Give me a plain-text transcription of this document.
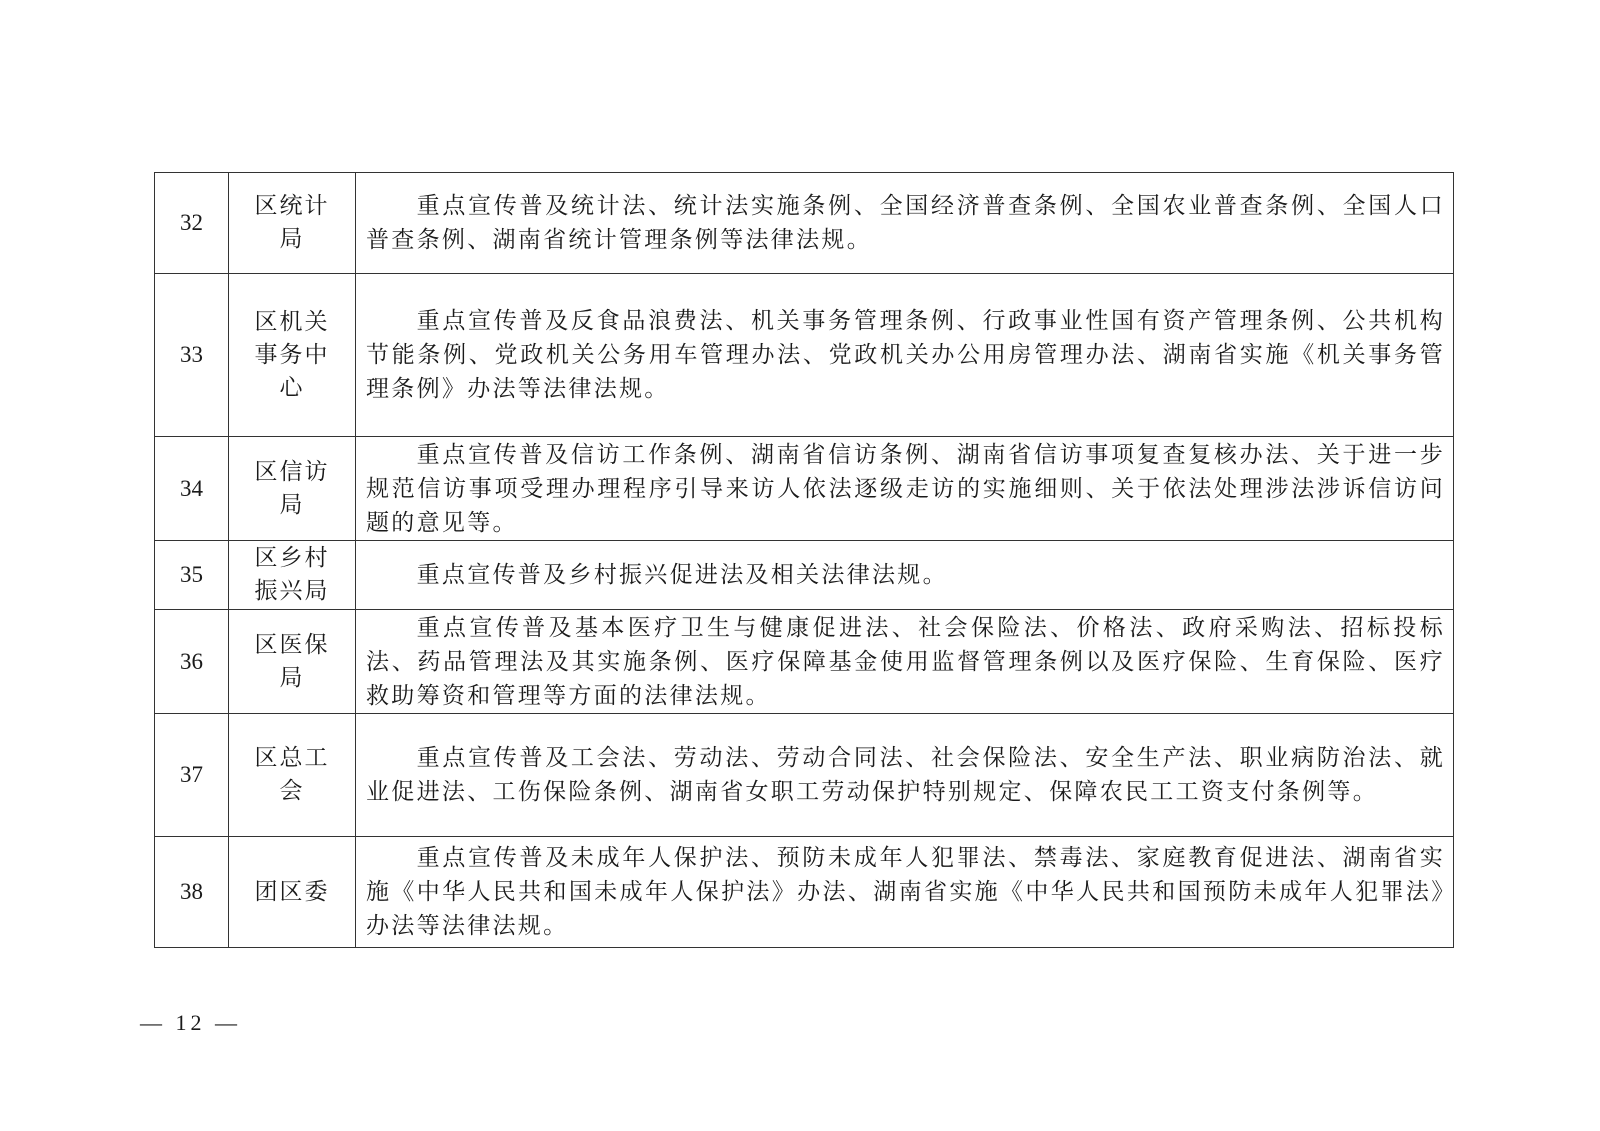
32	区统计局	重点宣传普及统计法、统计法实施条例、全国经济普查条例、全国农业普查条例、全国人口普查条例、湖南省统计管理条例等法律法规。
33	区机关事务中心	重点宣传普及反食品浪费法、机关事务管理条例、行政事业性国有资产管理条例、公共机构节能条例、党政机关公务用车管理办法、党政机关办公用房管理办法、湖南省实施《机关事务管理条例》办法等法律法规。
34	区信访局	重点宣传普及信访工作条例、湖南省信访条例、湖南省信访事项复查复核办法、关于进一步规范信访事项受理办理程序引导来访人依法逐级走访的实施细则、关于依法处理涉法涉诉信访问题的意见等。
35	区乡村振兴局	重点宣传普及乡村振兴促进法及相关法律法规。
36	区医保局	重点宣传普及基本医疗卫生与健康促进法、社会保险法、价格法、政府采购法、招标投标法、药品管理法及其实施条例、医疗保障基金使用监督管理条例以及医疗保险、生育保险、医疗救助筹资和管理等方面的法律法规。
37	区总工会	重点宣传普及工会法、劳动法、劳动合同法、社会保险法、安全生产法、职业病防治法、就业促进法、工伤保险条例、湖南省女职工劳动保护特别规定、保障农民工工资支付条例等。
38	团区委	重点宣传普及未成年人保护法、预防未成年人犯罪法、禁毒法、家庭教育促进法、湖南省实施《中华人民共和国未成年人保护法》办法、湖南省实施《中华人民共和国预防未成年人犯罪法》办法等法律法规。
— 12 —
